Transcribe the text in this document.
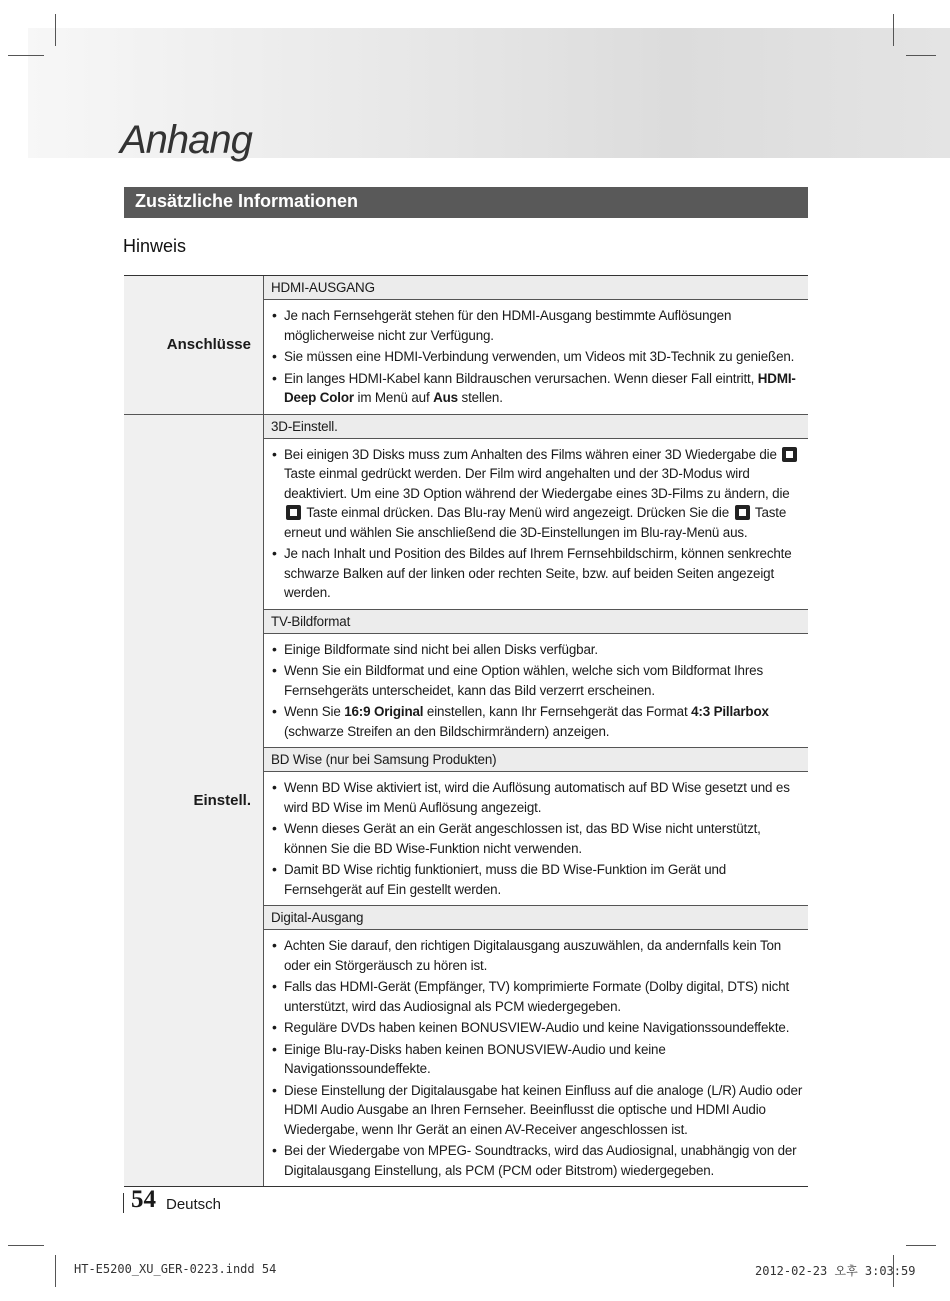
Anhang
Zusätzliche Informationen
Hinweis
Anschlüsse
HDMI-AUSGANG
• Je nach Fernsehgerät stehen für den HDMI-Ausgang bestimmte Auflösungen möglicherweise nicht zur Verfügung.
• Sie müssen eine HDMI-Verbindung verwenden, um Videos mit 3D-Technik zu genießen.
• Ein langes HDMI-Kabel kann Bildrauschen verursachen. Wenn dieser Fall eintritt, HDMI-Deep Color im Menü auf Aus stellen.
Einstell.
3D-Einstell.
• Bei einigen 3D Disks muss zum Anhalten des Films währen einer 3D Wiedergabe die  Taste einmal gedrückt werden. Der Film wird angehalten und der 3D-Modus wird deaktiviert. Um eine 3D Option während der Wiedergabe eines 3D-Films zu ändern, die  Taste einmal drücken. Das Blu-ray Menü wird angezeigt. Drücken Sie die  Taste erneut und wählen Sie anschließend die 3D-Einstellungen im Blu-ray-Menü aus.
• Je nach Inhalt und Position des Bildes auf Ihrem Fernsehbildschirm, können senkrechte schwarze Balken auf der linken oder rechten Seite, bzw. auf beiden Seiten angezeigt werden.
TV-Bildformat
• Einige Bildformate sind nicht bei allen Disks verfügbar.
• Wenn Sie ein Bildformat und eine Option wählen, welche sich vom Bildformat Ihres Fernsehgeräts unterscheidet, kann das Bild verzerrt erscheinen.
• Wenn Sie 16:9 Original einstellen, kann Ihr Fernsehgerät das Format 4:3 Pillarbox (schwarze Streifen an den Bildschirmrändern) anzeigen.
BD Wise (nur bei Samsung Produkten)
• Wenn BD Wise aktiviert ist, wird die Auflösung automatisch auf BD Wise gesetzt und es wird BD Wise im Menü Auflösung angezeigt.
• Wenn dieses Gerät an ein Gerät angeschlossen ist, das BD Wise nicht unterstützt, können Sie die BD Wise-Funktion nicht verwenden.
• Damit BD Wise richtig funktioniert, muss die BD Wise-Funktion im Gerät und Fernsehgerät auf Ein gestellt werden.
Digital-Ausgang
• Achten Sie darauf, den richtigen Digitalausgang auszuwählen, da andernfalls kein Ton oder ein Störgeräusch zu hören ist.
• Falls das HDMI-Gerät (Empfänger, TV) komprimierte Formate (Dolby digital, DTS) nicht unterstützt, wird das Audiosignal als PCM wiedergegeben.
• Reguläre DVDs haben keinen BONUSVIEW-Audio und keine Navigationssoundeffekte.
• Einige Blu-ray-Disks haben keinen BONUSVIEW-Audio und keine Navigationssoundeffekte.
• Diese Einstellung der Digitalausgabe hat keinen Einfluss auf die analoge (L/R) Audio oder HDMI Audio Ausgabe an Ihren Fernseher. Beeinflusst die optische und HDMI Audio Wiedergabe, wenn Ihr Gerät an einen AV-Receiver angeschlossen ist.
• Bei der Wiedergabe von MPEG- Soundtracks, wird das Audiosignal, unabhängig von der Digitalausgang Einstellung, als PCM (PCM oder Bitstrom) wiedergegeben.
54 Deutsch
HT-E5200_XU_GER-0223.indd 54	2012-02-23 오후 3:03:59
